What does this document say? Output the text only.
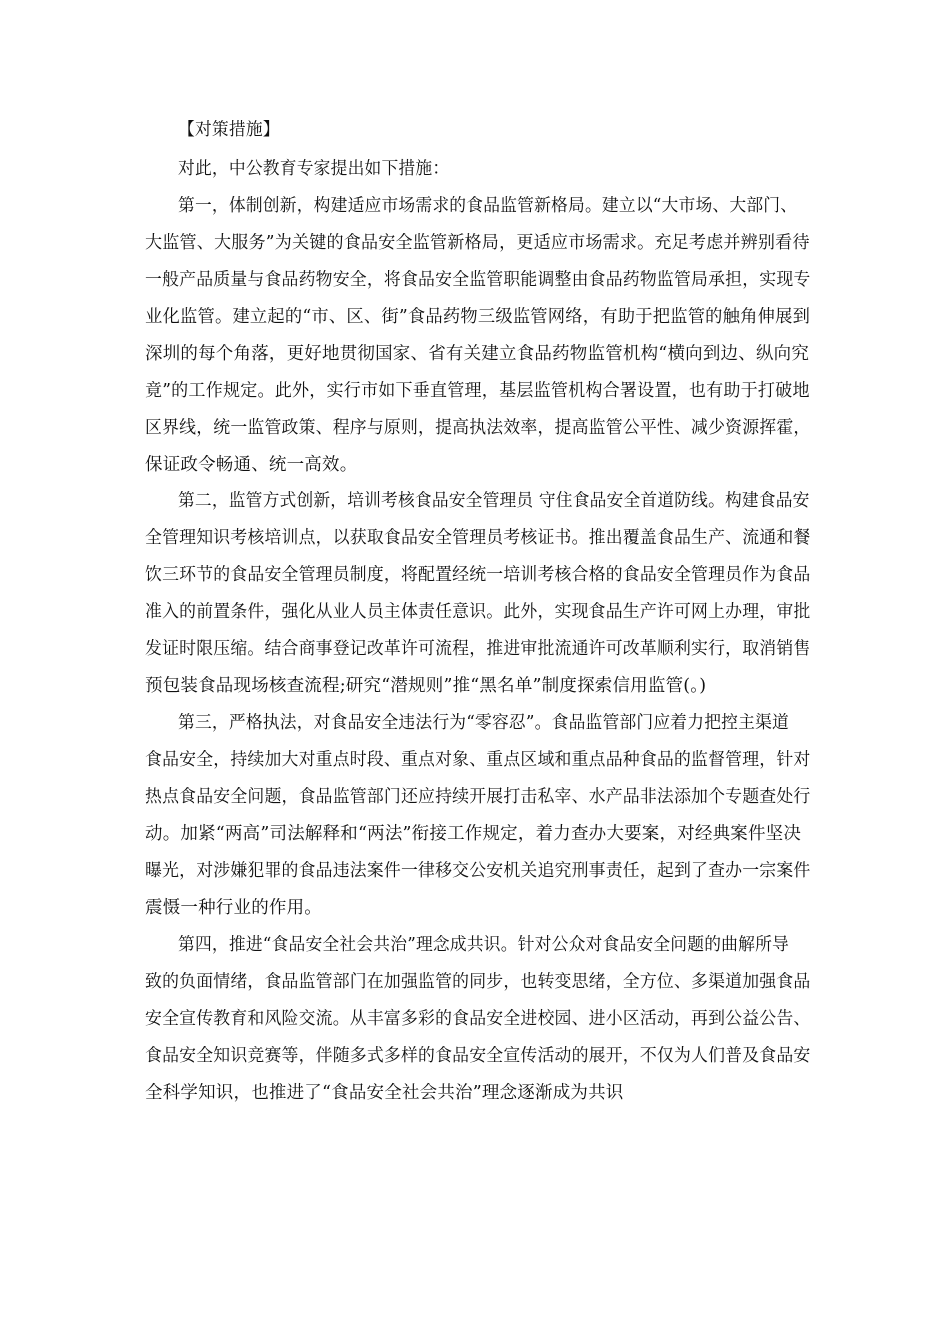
【对策措施】
对此，中公教育专家提出如下措施：
第一，体制创新，构建适应市场需求的食品监管新格局。建立以“大市场、大部门、
大监管、大服务”为关键的食品安全监管新格局，更适应市场需求。充足考虑并辨别看待
一般产品质量与食品药物安全，将食品安全监管职能调整由食品药物监管局承担，实现专
业化监管。建立起的“市、区、街”食品药物三级监管网络，有助于把监管的触角伸展到
深圳的每个角落，更好地贯彻国家、省有关建立食品药物监管机构“横向到边、纵向究
竟”的工作规定。此外，实行市如下垂直管理，基层监管机构合署设置，也有助于打破地
区界线，统一监管政策、程序与原则，提高执法效率，提高监管公平性、减少资源挥霍，
保证政令畅通、统一高效。
第二，监管方式创新，培训考核食品安全管理员 守住食品安全首道防线。构建食品安
全管理知识考核培训点，以获取食品安全管理员考核证书。推出覆盖食品生产、流通和餐
饮三环节的食品安全管理员制度，将配置经统一培训考核合格的食品安全管理员作为食品
准入的前置条件，强化从业人员主体责任意识。此外，实现食品生产许可网上办理，审批
发证时限压缩。结合商事登记改革许可流程，推进审批流通许可改革顺利实行，取消销售
预包装食品现场核查流程;研究“潜规则”推“黑名单”制度探索信用监管(。)
第三，严格执法，对食品安全违法行为“零容忍”。食品监管部门应着力把控主渠道
食品安全，持续加大对重点时段、重点对象、重点区域和重点品种食品的监督管理，针对
热点食品安全问题，食品监管部门还应持续开展打击私宰、水产品非法添加个专题查处行
动。加紧“两高”司法解释和“两法”衔接工作规定，着力查办大要案，对经典案件坚决
曝光，对涉嫌犯罪的食品违法案件一律移交公安机关追究刑事责任，起到了查办一宗案件
震慑一种行业的作用。
第四，推进“食品安全社会共治”理念成共识。针对公众对食品安全问题的曲解所导
致的负面情绪，食品监管部门在加强监管的同步，也转变思绪，全方位、多渠道加强食品
安全宣传教育和风险交流。从丰富多彩的食品安全进校园、进小区活动，再到公益公告、
食品安全知识竞赛等，伴随多式多样的食品安全宣传活动的展开，不仅为人们普及食品安
全科学知识，也推进了“食品安全社会共治”理念逐渐成为共识
